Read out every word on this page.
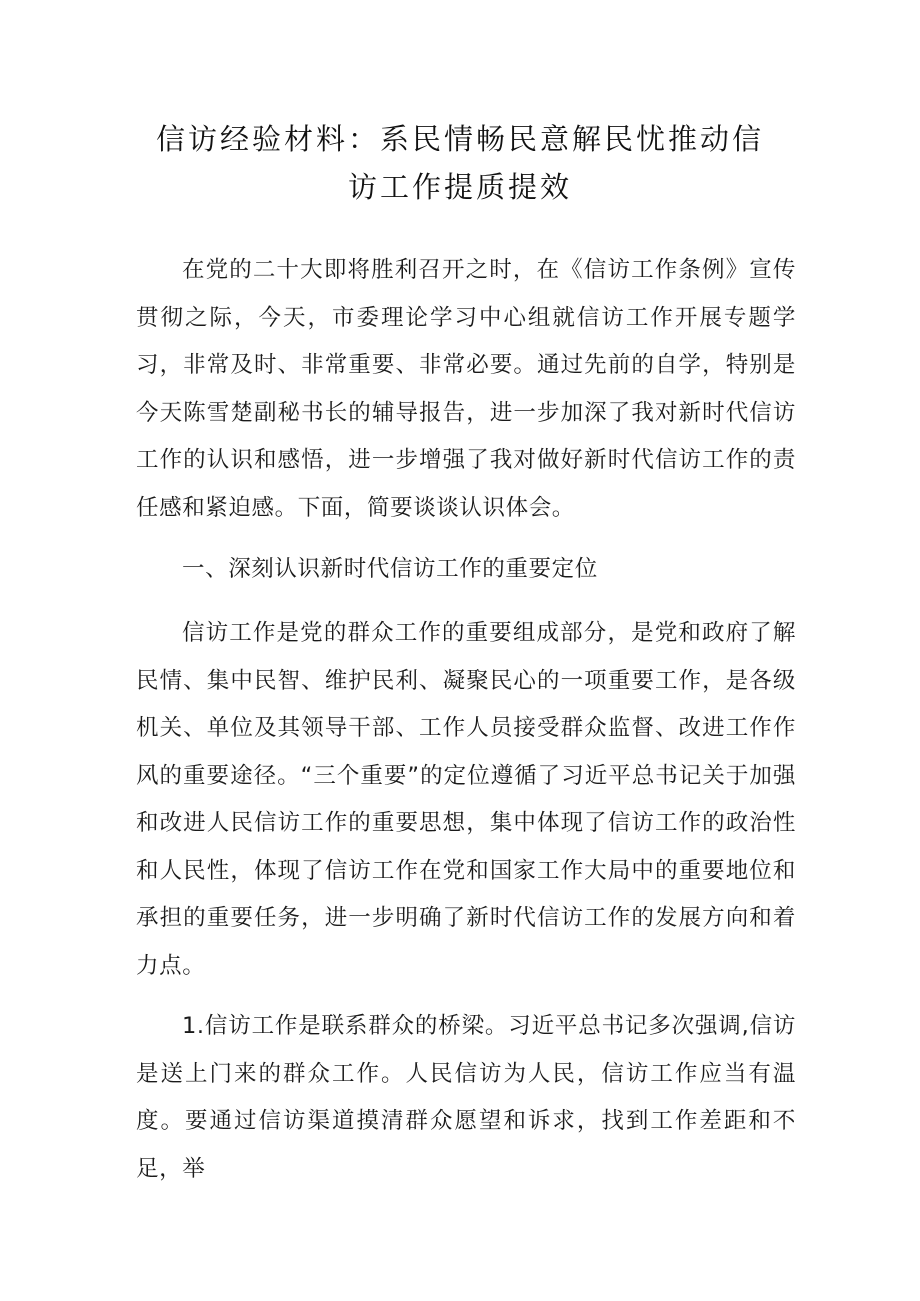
信访经验材料：系民情畅民意解民忧推动信
访工作提质提效

在党的二十大即将胜利召开之时，在《信访工作条例》宣传贯彻之际，今天，市委理论学习中心组就信访工作开展专题学习，非常及时、非常重要、非常必要。通过先前的自学，特别是今天陈雪楚副秘书长的辅导报告，进一步加深了我对新时代信访工作的认识和感悟，进一步增强了我对做好新时代信访工作的责任感和紧迫感。下面，简要谈谈认识体会。

一、深刻认识新时代信访工作的重要定位

信访工作是党的群众工作的重要组成部分，是党和政府了解民情、集中民智、维护民利、凝聚民心的一项重要工作，是各级机关、单位及其领导干部、工作人员接受群众监督、改进工作作风的重要途径。“三个重要”的定位遵循了习近平总书记关于加强和改进人民信访工作的重要思想，集中体现了信访工作的政治性和人民性，体现了信访工作在党和国家工作大局中的重要地位和承担的重要任务，进一步明确了新时代信访工作的发展方向和着力点。

1.信访工作是联系群众的桥梁。习近平总书记多次强调,信访是送上门来的群众工作。人民信访为人民，信访工作应当有温度。要通过信访渠道摸清群众愿望和诉求，找到工作差距和不足，举
